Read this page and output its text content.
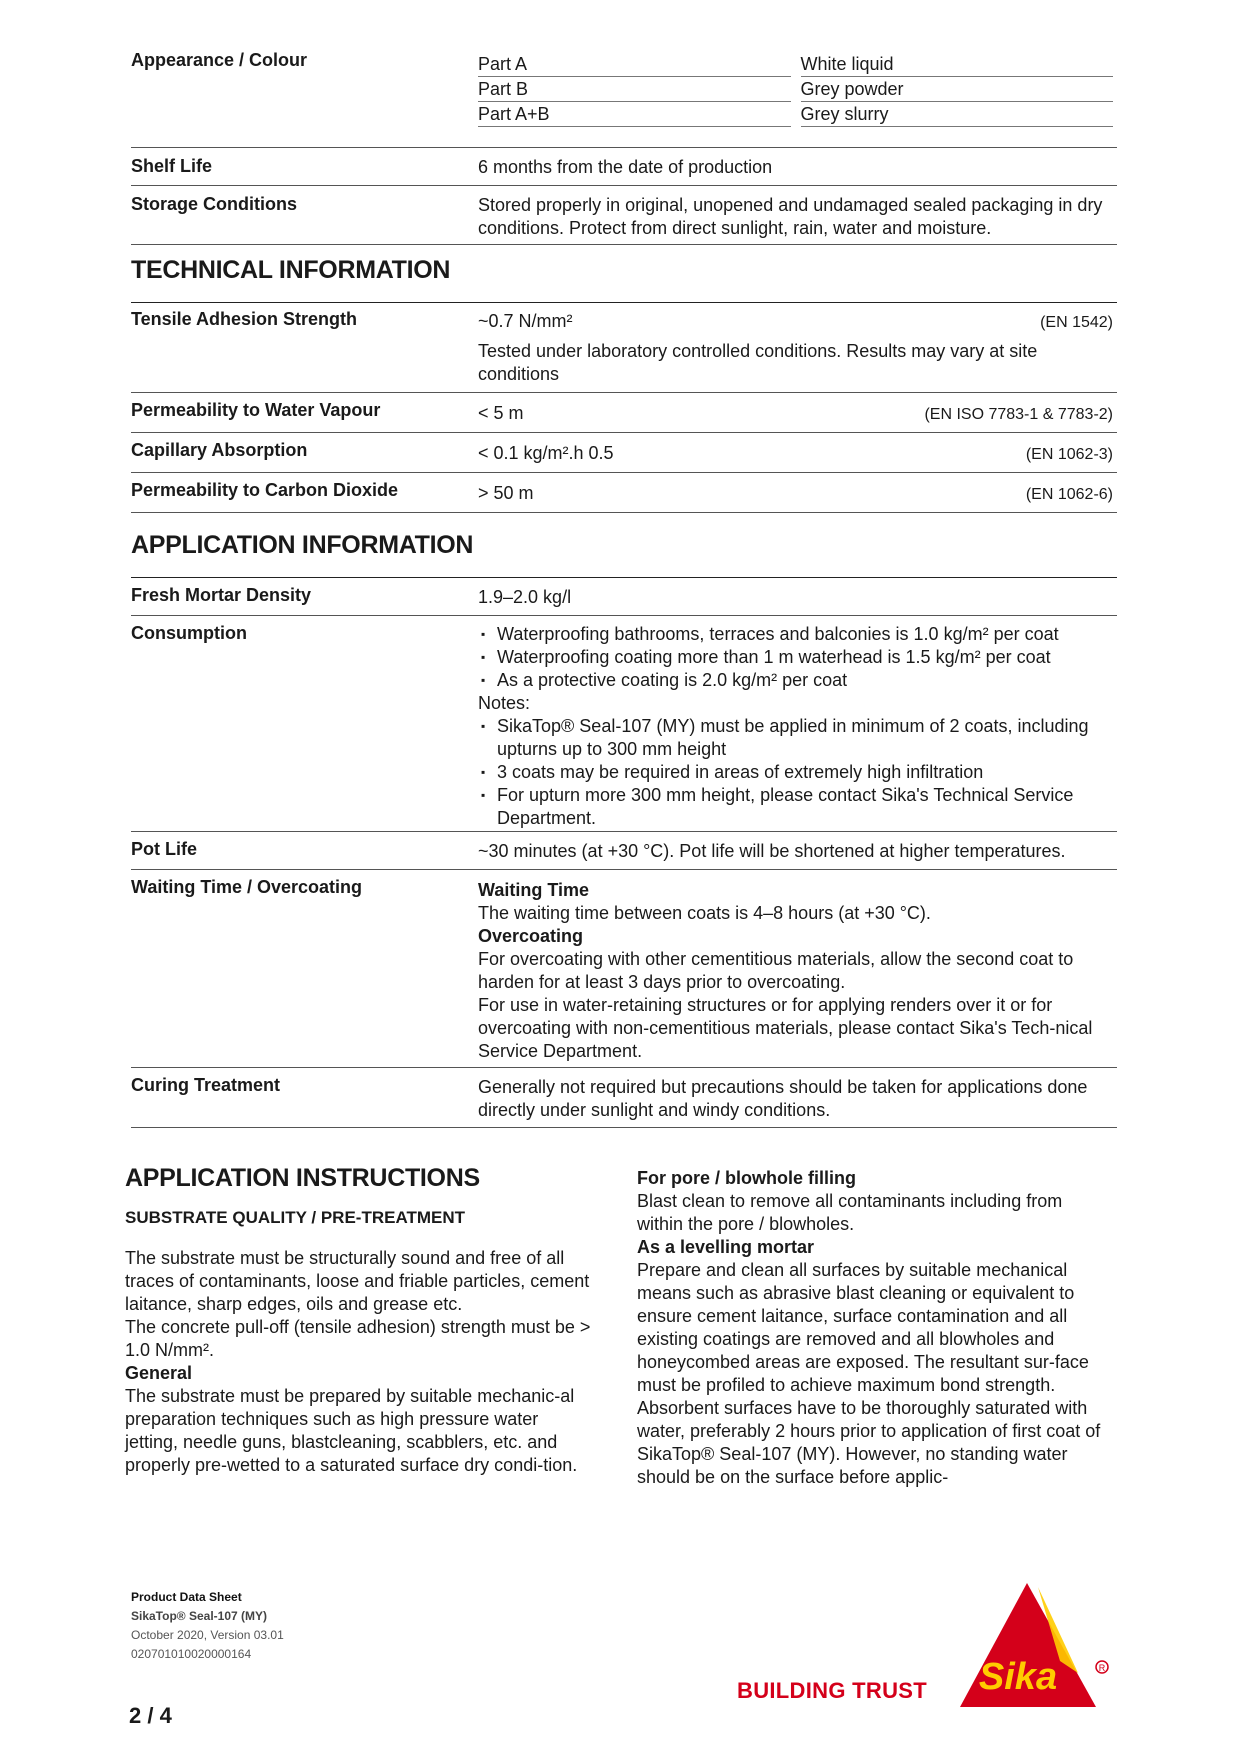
Appearance / Colour	Part A	White liquid
Part B	Grey powder
Part A+B	Grey slurry
Shelf Life	6 months from the date of production
Storage Conditions	Stored properly in original, unopened and undamaged sealed packaging in dry conditions. Protect from direct sunlight, rain, water and moisture.
TECHNICAL INFORMATION
Tensile Adhesion Strength	~0.7 N/mm²	(EN 1542)
Tested under laboratory controlled conditions. Results may vary at site conditions
Permeability to Water Vapour	< 5 m	(EN ISO 7783-1 & 7783-2)
Capillary Absorption	< 0.1 kg/m².h 0.5	(EN 1062-3)
Permeability to Carbon Dioxide	> 50 m	(EN 1062-6)
APPLICATION INFORMATION
Fresh Mortar Density	1.9–2.0 kg/l
Consumption
▪	Waterproofing bathrooms, terraces and balconies is 1.0 kg/m² per coat
▪ Waterproofing coating more than 1 m waterhead is 1.5 kg/m² per coat
▪ As a protective coating is 2.0 kg/m² per coat
Notes:
▪ SikaTop® Seal-107 (MY) must be applied in minimum of 2 coats, including upturns up to 300 mm height
▪ 3 coats may be required in areas of extremely high infiltration
▪ For upturn more 300 mm height, please contact Sika's Technical Service Department.
Pot Life	~30 minutes (at +30 °C). Pot life will be shortened at higher temperatures.
Waiting Time / Overcoating	Waiting Time
The waiting time between coats is 4–8 hours (at +30 °C).
Overcoating
For overcoating with other cementitious materials, allow the second coat to harden for at least 3 days prior to overcoating.
For use in water-retaining structures or for applying renders over it or for overcoating with non-cementitious materials, please contact Sika's Tech-nical Service Department.
Curing Treatment	Generally not required but precautions should be taken for applications done directly under sunlight and windy conditions.
APPLICATION INSTRUCTIONS
SUBSTRATE QUALITY / PRE-TREATMENT

The substrate must be structurally sound and free of all traces of contaminants, loose and friable particles, cement laitance, sharp edges, oils and grease etc.

The concrete pull-off (tensile adhesion) strength must be > 1.0 N/mm².

General

The substrate must be prepared by suitable mechanic-al preparation techniques such as high pressure water jetting, needle guns, blastcleaning, scabblers, etc. and properly pre-wetted to a saturated surface dry condi-tion.

For pore / blowhole filling

Blast clean to remove all contaminants including from within the pore / blowholes.

As a levelling mortar

Prepare and clean all surfaces by suitable mechanical means such as abrasive blast cleaning or equivalent to ensure cement laitance, surface contamination and all existing coatings are removed and all blowholes and honeycombed areas are exposed. The resultant sur-face must be profiled to achieve maximum bond strength.

Absorbent surfaces have to be thoroughly saturated with water, preferably 2 hours prior to application of first coat of SikaTop® Seal-107 (MY). However, no standing water should be on the surface before applic-

Product Data Sheet
SikaTop® Seal-107 (MY)
October 2020, Version 03.01
020701010020000164
2 / 4
BUILDING TRUST Sika	R
